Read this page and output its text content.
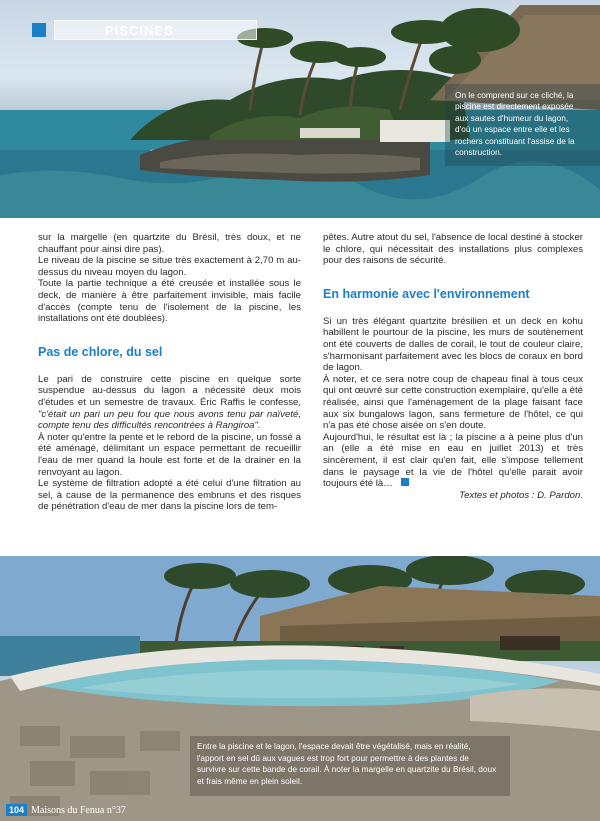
PISCINES
On le comprend sur ce cliché, la piscine est directement exposée aux sautes d'humeur du lagon, d'où un espace entre elle et les rochers constituant l'assise de la construction.

sur la margelle (en quartzite du Brésil, très doux, et ne chauffant pour ainsi dire pas).

Le niveau de la piscine se situe très exactement à 2,70 m au-dessus du niveau moyen du lagon.

Toute la partie technique a été creusée et installée sous le deck, de manière à être parfaitement invisible, mais facile d'accès (compte tenu de l'isolement de la piscine, les installations ont été doublées).

Pas de chlore, du sel

Le pari de construire cette piscine en quelque sorte suspendue au-dessus du lagon a nécessité deux mois d'études et un semestre de travaux. Éric Raffis le confesse, "c'était un pari un peu fou que nous avons tenu par naïveté, compte tenu des difficultés rencontrées à Rangiroa".

À noter qu'entre la pente et le rebord de la piscine, un fossé a été aménagé, délimitant un espace permettant de recueillir l'eau de mer quand la houle est forte et de la drainer en la renvoyant au lagon.

Le système de filtration adopté a été celui d'une filtration au sel, à cause de la permanence des embruns et des risques de pénétration d'eau de mer dans la piscine lors de tem-

pêtes. Autre atout du sel, l'absence de local destiné à stocker le chlore, qui nécessitait des installations plus complexes pour des raisons de sécurité.

En harmonie avec l'environnement

Si un très élégant quartzite brésilien et un deck en kohu habillent le pourtour de la piscine, les murs de soutènement ont été couverts de dalles de corail, le tout de couleur claire, s'harmonisant parfaitement avec les blocs de coraux en bord de lagon.

À noter, et ce sera notre coup de chapeau final à tous ceux qui ont œuvré sur cette construction exemplaire, qu'elle a été réalisée, ainsi que l'aménagement de la plage faisant face aux six bungalows lagon, sans fermeture de l'hôtel, ce qui n'a pas été chose aisée on s'en doute.

Aujourd'hui, le résultat est là ; la piscine a à peine plus d'un an (elle a été mise en eau en juillet 2013) et très sincèrement, il est clair qu'en fait, elle s'impose tellement dans le paysage et la vie de l'hôtel qu'elle parait avoir toujours été là…

Textes et photos : D. Pardon.

Entre la piscine et le lagon, l'espace devait être végétalisé, mais en réalité, l'apport en sel dû aux vagues est trop fort pour permettre à des plantes de survivre sur cette bande de corail. À noter la margelle en quartzite du Brésil, doux et frais même en plein soleil.
104 Maisons du Fenua n°37
